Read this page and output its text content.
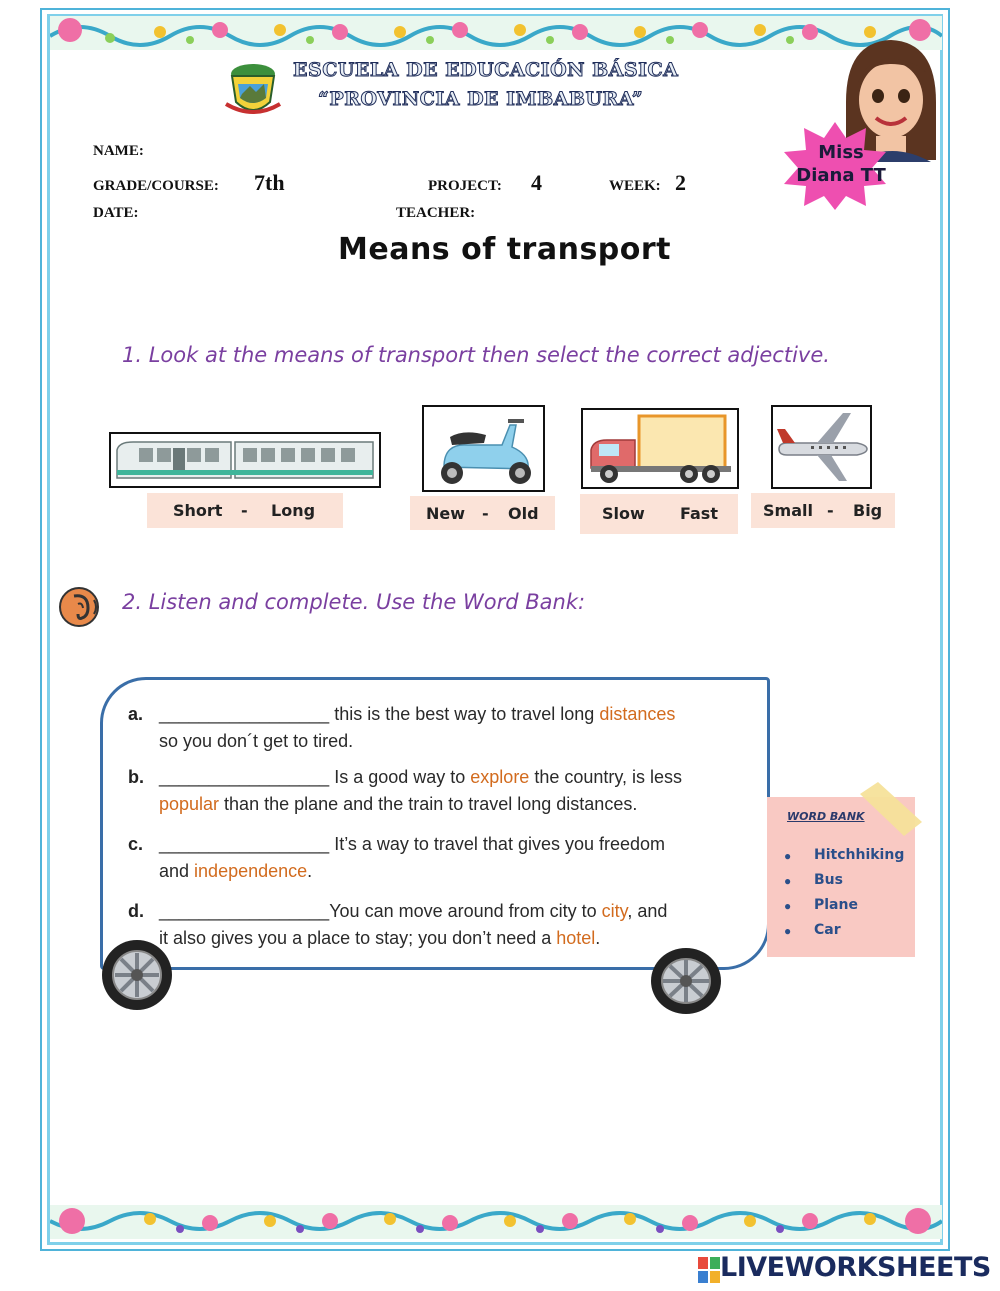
ESCUELA DE EDUCACIÓN BÁSICA
“PROVINCIA DE IMBABURA”
Miss Diana TT
NAME:
GRADE/COURSE: 7th	PROJECT: 4	WEEK: 2
DATE:	TEACHER:
Means of transport
1. Look at the means of transport then select the correct adjective.
Short - Long	New - Old	Slow Fast	Small - Big
2. Listen and complete. Use the Word Bank:
a. _________________ this is the best way to travel long distances
so you don´t get to tired.
b. _________________ Is a good way to explore the country, is less
popular than the plane and the train to travel long distances.
c. _________________ It’s a way to travel that gives you freedom
and independence.
d. _________________You can move around from city to city, and
it also gives you a place to stay; you don’t need a hotel.
WORD BANK
● Hitchhiking
● Bus
● Plane
● Car
LIVEWORKSHEETS
